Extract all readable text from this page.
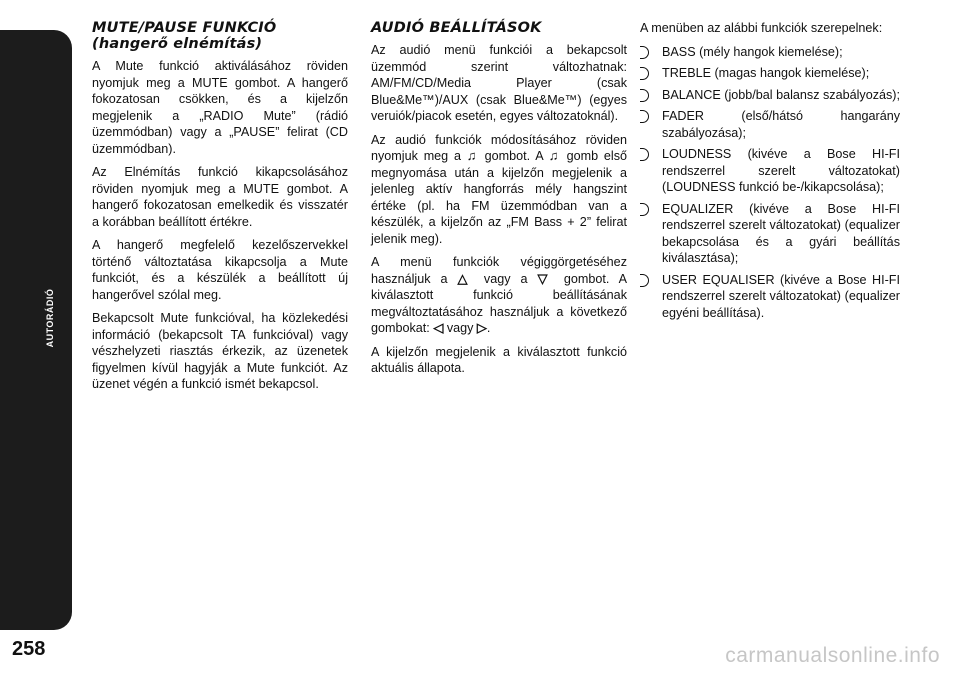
AUTORÁDIÓ
258	carmanualsonline.info
MUTE/PAUSE FUNKCIÓ
(hangerő elnémítás)

A Mute funkció aktiválásához röviden nyomjuk meg a MUTE gombot. A hangerő fokozatosan csökken, és a kijelzőn megjelenik a „RADIO Mute” (rádió üzemmódban) vagy a „PAUSE” felirat (CD üzemmódban).

Az Elnémítás funkció kikapcsolásához röviden nyomjuk meg a MUTE gombot. A hangerő fokozatosan emelkedik és visszatér a korábban beállított értékre.

A hangerő megfelelő kezelőszervekkel történő változtatása kikapcsolja a Mute funkciót, és a készülék a beállított új hangerővel szólal meg.

Bekapcsolt Mute funkcióval, ha közlekedési információ (bekapcsolt TA funkcióval) vagy vészhelyzeti riasztás érkezik, az üzenetek figyelmen kívül hagyják a Mute funkciót. Az üzenet végén a funkció ismét bekapcsol.

AUDIÓ BEÁLLÍTÁSOK

Az audió menü funkciói a bekapcsolt üzemmód szerint változhatnak: AM/FM/CD/Media Player (csak Blue&Me™)/AUX (csak Blue&Me™) (egyes veruiók/piacok esetén, egyes változatoknál).

Az audió funkciók módosításához röviden nyomjuk meg a ♫ gombot. A ♫ gomb első megnyomása után a kijelzőn megjelenik a jelenleg aktív hangforrás mély hangszint értéke (pl. ha FM üzemmódban van a készülék, a kijelzőn az „FM Bass + 2” felirat jelenik meg).

A menü funkciók végiggörgetéséhez használjuk a △ vagy a ▽ gombot. A kiválasztott funkció beállításának megváltoztatásához használjuk a következő gombokat: ◁ vagy ▷.

A kijelzőn megjelenik a kiválasztott funkció aktuális állapota.

A menüben az alábbi funkciók szerepelnek:

BASS (mély hangok kiemelése);
TREBLE (magas hangok kiemelése);
BALANCE (jobb/bal balansz szabályozás);
FADER (első/hátsó hangarány szabályozása);
LOUDNESS (kivéve a Bose HI-FI rendszerrel szerelt változatokat) (LOUDNESS funkció be-/kikapcsolása);
EQUALIZER (kivéve a Bose HI-FI rendszerrel szerelt változatokat) (equalizer bekapcsolása és a gyári beállítás kiválasztása);
USER EQUALISER (kivéve a Bose HI-FI rendszerrel szerelt változatokat) (equalizer egyéni beállítása).
